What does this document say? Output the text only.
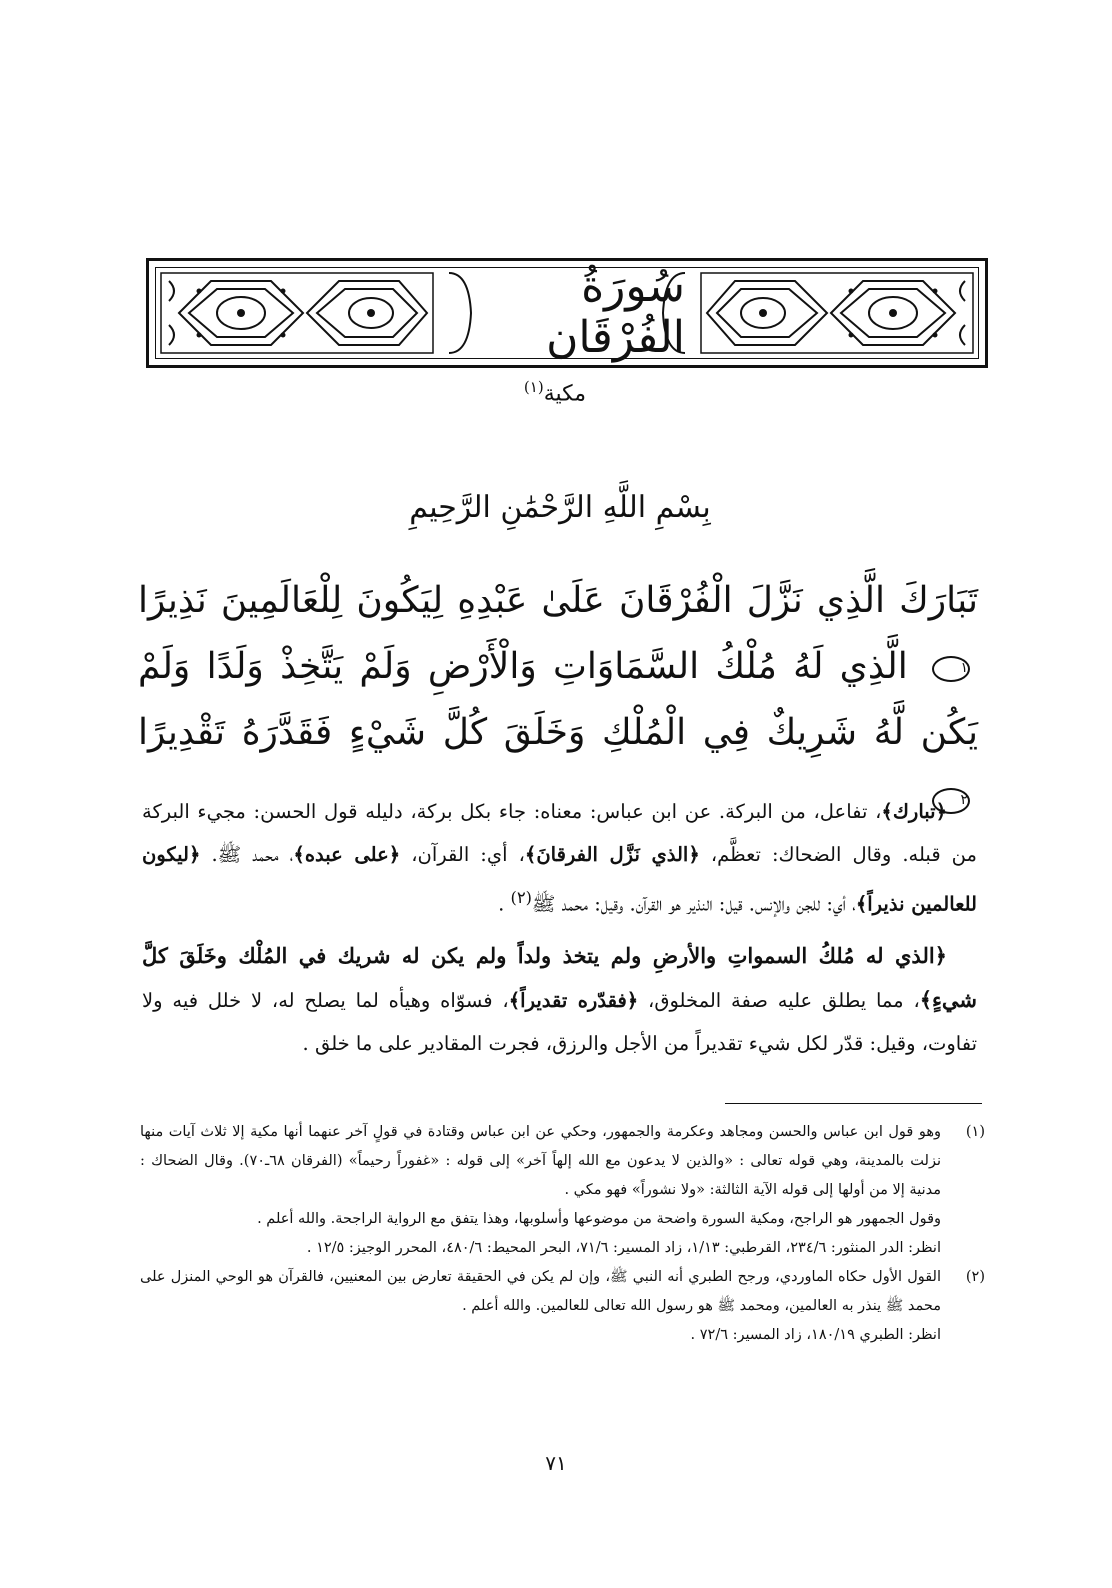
سُورَةُ الفُرْقَان
مكية$^{(١)}$
بِسْمِ اللَّهِ الرَّحْمَٰنِ الرَّحِيمِ
تَبَارَكَ الَّذِي نَزَّلَ الْفُرْقَانَ عَلَىٰ عَبْدِهِ لِيَكُونَ لِلْعَالَمِينَ نَذِيرًا ١ الَّذِي لَهُ مُلْكُ السَّمَاوَاتِ وَالْأَرْضِ وَلَمْ يَتَّخِذْ وَلَدًا وَلَمْ يَكُن لَّهُ شَرِيكٌ فِي الْمُلْكِ وَخَلَقَ كُلَّ شَيْءٍ فَقَدَّرَهُ تَقْدِيرًا ٢

﴿تبارك﴾، تفاعل، من البركة. عن ابن عباس: معناه: جاء بكل بركة، دليله قول الحسن: مجيء البركة من قبله. وقال الضحاك: تعظَّم، ﴿الذي نَزَّل الفرقانَ﴾، أي: القرآن، ﴿على عبده﴾، محمد ﷺ. ﴿ليكون للعالمين نذيراً﴾، أي: للجن والإنس. قيل: النذير هو القرآن. وقيل: محمد ﷺ$^{(٢)}$ .

﴿الذي له مُلكُ السمواتِ والأرضِ ولم يتخذ ولداً ولم يكن له شريك في المُلْك وخَلَقَ كلَّ شيءٍ﴾، مما يطلق عليه صفة المخلوق، ﴿فقدّره تقديراً﴾، فسوّاه وهيأه لما يصلح له، لا خلل فيه ولا تفاوت، وقيل: قدّر لكل شيء تقديراً من الأجل والرزق، فجرت المقادير على ما خلق .

(١)
وهو قول ابن عباس والحسن ومجاهد وعكرمة والجمهور، وحكي عن ابن عباس وقتادة في قولٍ آخر عنهما أنها مكية إلا ثلاث آيات منها نزلت بالمدينة، وهي قوله تعالى : «والذين لا يدعون مع الله إلهاً آخر» إلى قوله : «غفوراً رحيماً» (الفرقان ٦٨ـ٧٠). وقال الضحاك : مدنية إلا من أولها إلى قوله الآية الثالثة: «ولا نشوراً» فهو مكي .
وقول الجمهور هو الراجح، ومكية السورة واضحة من موضوعها وأسلوبها، وهذا يتفق مع الرواية الراجحة. والله أعلم .
انظر: الدر المنثور: ٢٣٤/٦، القرطبي: ١/١٣، زاد المسير: ٧١/٦، البحر المحيط: ٤٨٠/٦، المحرر الوجيز: ١٢/٥ .
(٢)
القول الأول حكاه الماوردي، ورجح الطبري أنه النبي ﷺ، وإن لم يكن في الحقيقة تعارض بين المعنيين، فالقرآن هو الوحي المنزل على محمد ﷺ ينذر به العالمين، ومحمد ﷺ هو رسول الله تعالى للعالمين. والله أعلم .
انظر: الطبري ١٨٠/١٩، زاد المسير: ٧٢/٦ .
٧١
